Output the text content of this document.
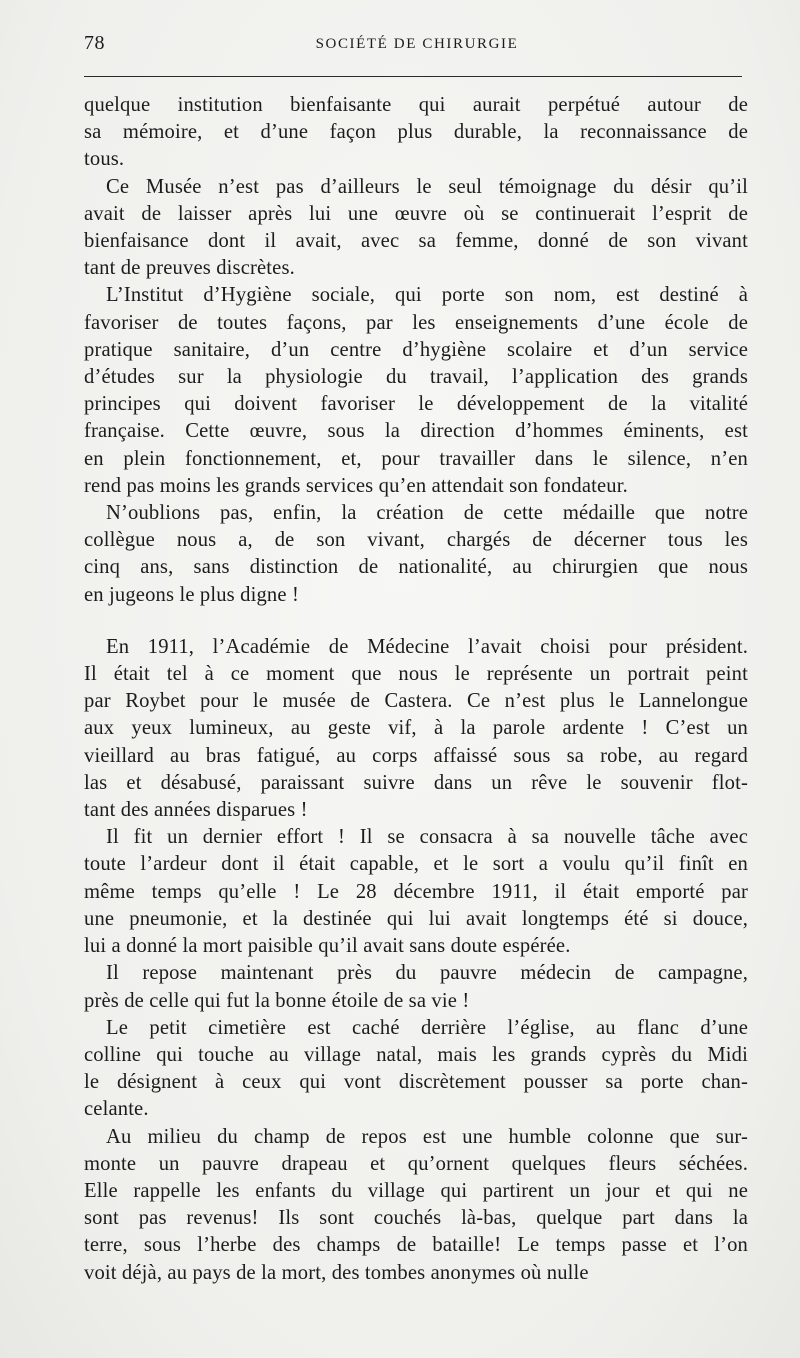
78	SOCIÉTÉ DE CHIRURGIE

quelque institution bienfaisante qui aurait perpétué autour de
sa mémoire, et d’une façon plus durable, la reconnaissance de
tous.

Ce Musée n’est pas d’ailleurs le seul témoignage du désir qu’il
avait de laisser après lui une œuvre où se continuerait l’esprit de
bienfaisance dont il avait, avec sa femme, donné de son vivant
tant de preuves discrètes.

L’Institut d’Hygiène sociale, qui porte son nom, est destiné à
favoriser de toutes façons, par les enseignements d’une école de
pratique sanitaire, d’un centre d’hygiène scolaire et d’un service
d’études sur la physiologie du travail, l’application des grands
principes qui doivent favoriser le développement de la vitalité
française. Cette œuvre, sous la direction d’hommes éminents, est
en plein fonctionnement, et, pour travailler dans le silence, n’en
rend pas moins les grands services qu’en attendait son fondateur.

N’oublions pas, enfin, la création de cette médaille que notre
collègue nous a, de son vivant, chargés de décerner tous les
cinq ans, sans distinction de nationalité, au chirurgien que nous
en jugeons le plus digne !

En 1911, l’Académie de Médecine l’avait choisi pour président.
Il était tel à ce moment que nous le représente un portrait peint
par Roybet pour le musée de Castera. Ce n’est plus le Lannelongue
aux yeux lumineux, au geste vif, à la parole ardente ! C’est un
vieillard au bras fatigué, au corps affaissé sous sa robe, au regard
las et désabusé, paraissant suivre dans un rêve le souvenir flot-
tant des années disparues !

Il fit un dernier effort ! Il se consacra à sa nouvelle tâche avec
toute l’ardeur dont il était capable, et le sort a voulu qu’il finît en
même temps qu’elle ! Le 28 décembre 1911, il était emporté par
une pneumonie, et la destinée qui lui avait longtemps été si douce,
lui a donné la mort paisible qu’il avait sans doute espérée.

Il repose maintenant près du pauvre médecin de campagne,
près de celle qui fut la bonne étoile de sa vie !

Le petit cimetière est caché derrière l’église, au flanc d’une
colline qui touche au village natal, mais les grands cyprès du Midi
le désignent à ceux qui vont discrètement pousser sa porte chan-
celante.

Au milieu du champ de repos est une humble colonne que sur-
monte un pauvre drapeau et qu’ornent quelques fleurs séchées.
Elle rappelle les enfants du village qui partirent un jour et qui ne
sont pas revenus! Ils sont couchés là-bas, quelque part dans la
terre, sous l’herbe des champs de bataille! Le temps passe et l’on
voit déjà, au pays de la mort, des tombes anonymes où nulle
